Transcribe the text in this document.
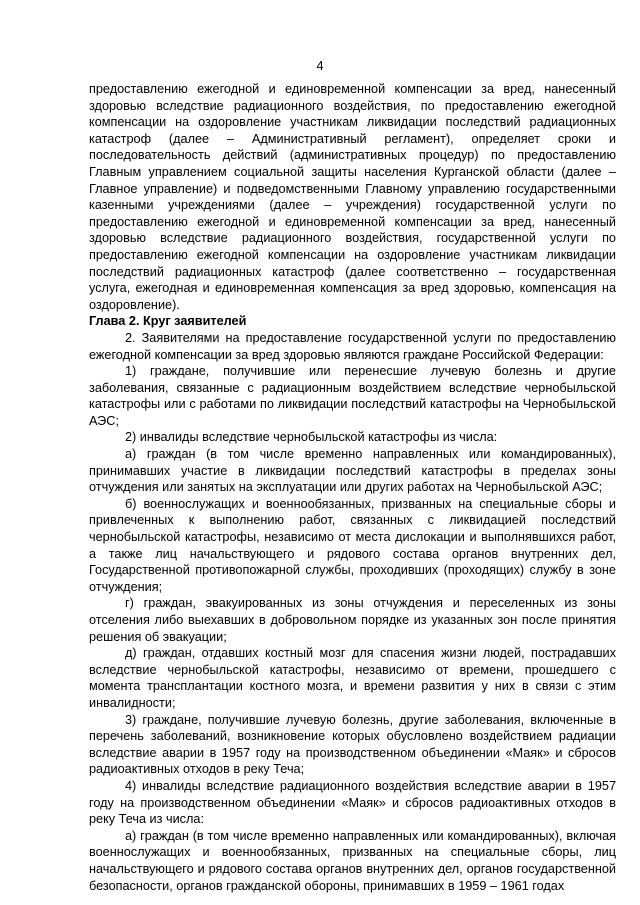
4

предоставлению ежегодной и единовременной компенсации за вред, нанесенный здоровью вследствие радиационного воздействия, по предоставлению ежегодной компенсации на оздоровление участникам ликвидации последствий радиационных катастроф (далее – Административный регламент), определяет сроки и последовательность действий (административных процедур) по предоставлению Главным управлением социальной защиты населения Курганской области (далее – Главное управление) и подведомственными Главному управлению государственными казенными учреждениями (далее – учреждения) государственной услуги по предоставлению ежегодной и единовременной компенсации за вред, нанесенный здоровью вследствие радиационного воздействия, государственной услуги по предоставлению ежегодной компенсации на оздоровление участникам ликвидации последствий радиационных катастроф (далее соответственно – государственная услуга, ежегодная и единовременная компенсация за вред здоровью, компенсация на оздоровление).

Глава 2. Круг заявителей

2. Заявителями на предоставление государственной услуги по предоставлению ежегодной компенсации за вред здоровью являются граждане Российской Федерации:

1) граждане, получившие или перенесшие лучевую болезнь и другие заболевания, связанные с радиационным воздействием вследствие чернобыльской катастрофы или с работами по ликвидации последствий катастрофы на Чернобыльской АЭС;

2) инвалиды вследствие чернобыльской катастрофы из числа:

а) граждан (в том числе временно направленных или командированных), принимавших участие в ликвидации последствий катастрофы в пределах зоны отчуждения или занятых на эксплуатации или других работах на Чернобыльской АЭС;

б) военнослужащих и военнообязанных, призванных на специальные сборы и привлеченных к выполнению работ, связанных с ликвидацией последствий чернобыльской катастрофы, независимо от места дислокации и выполнявшихся работ, а также лиц начальствующего и рядового состава органов внутренних дел, Государственной противопожарной службы, проходивших (проходящих) службу в зоне отчуждения;

г) граждан, эвакуированных из зоны отчуждения и переселенных из зоны отселения либо выехавших в добровольном порядке из указанных зон после принятия решения об эвакуации;

д) граждан, отдавших костный мозг для спасения жизни людей, пострадавших вследствие чернобыльской катастрофы, независимо от времени, прошедшего с момента трансплантации костного мозга, и времени развития у них в связи с этим инвалидности;

3) граждане, получившие лучевую болезнь, другие заболевания, включенные в перечень заболеваний, возникновение которых обусловлено воздействием радиации вследствие аварии в 1957 году на производственном объединении «Маяк» и сбросов радиоактивных отходов в реку Теча;

4) инвалиды вследствие радиационного воздействия вследствие аварии в 1957 году на производственном объединении «Маяк» и сбросов радиоактивных отходов в реку Теча из числа:

а) граждан (в том числе временно направленных или командированных), включая военнослужащих и военнообязанных, призванных на специальные сборы, лиц начальствующего и рядового состава органов внутренних дел, органов государственной безопасности, органов гражданской обороны, принимавших в 1959 – 1961 годах
